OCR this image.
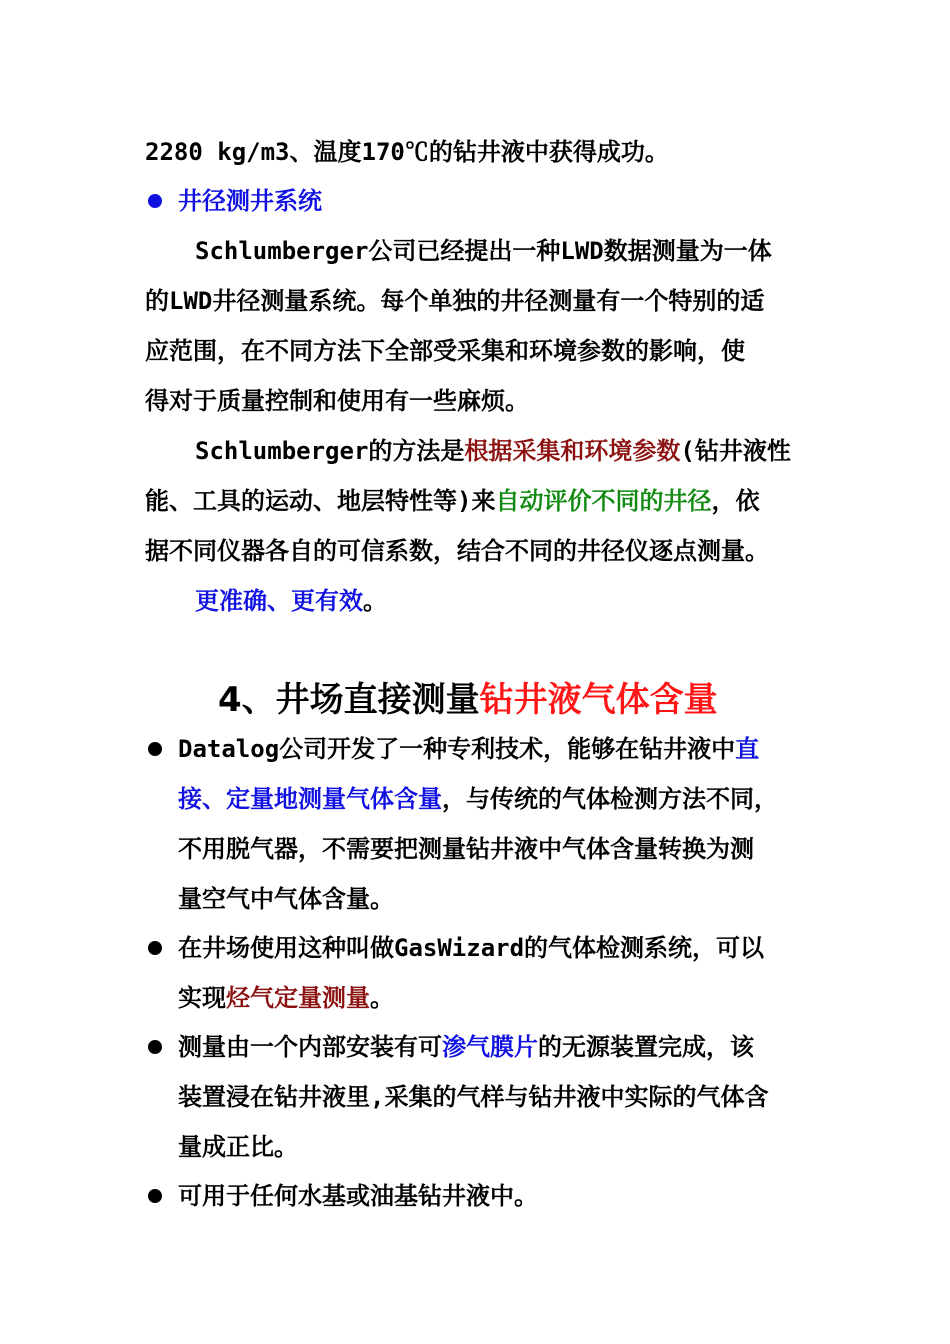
2280 kg/m3、温度170℃的钻井液中获得成功。
井径测井系统
Schlumberger公司已经提出一种LWD数据测量为一体
的LWD井径测量系统。每个单独的井径测量有一个特别的适
应范围，在不同方法下全部受采集和环境参数的影响，使
得对于质量控制和使用有一些麻烦。
Schlumberger的方法是根据采集和环境参数(钻井液性
能、工具的运动、地层特性等)来自动评价不同的井径，依
据不同仪器各自的可信系数，结合不同的井径仪逐点测量。
更准确、更有效。
4、井场直接测量钻井液气体含量
Datalog公司开发了一种专利技术，能够在钻井液中直
接、定量地测量气体含量，与传统的气体检测方法不同，
不用脱气器，不需要把测量钻井液中气体含量转换为测
量空气中气体含量。
在井场使用这种叫做GasWizard的气体检测系统，可以
实现烃气定量测量。
测量由一个内部安装有可渗气膜片的无源装置完成，该
装置浸在钻井液里,采集的气样与钻井液中实际的气体含
量成正比。
可用于任何水基或油基钻井液中。
